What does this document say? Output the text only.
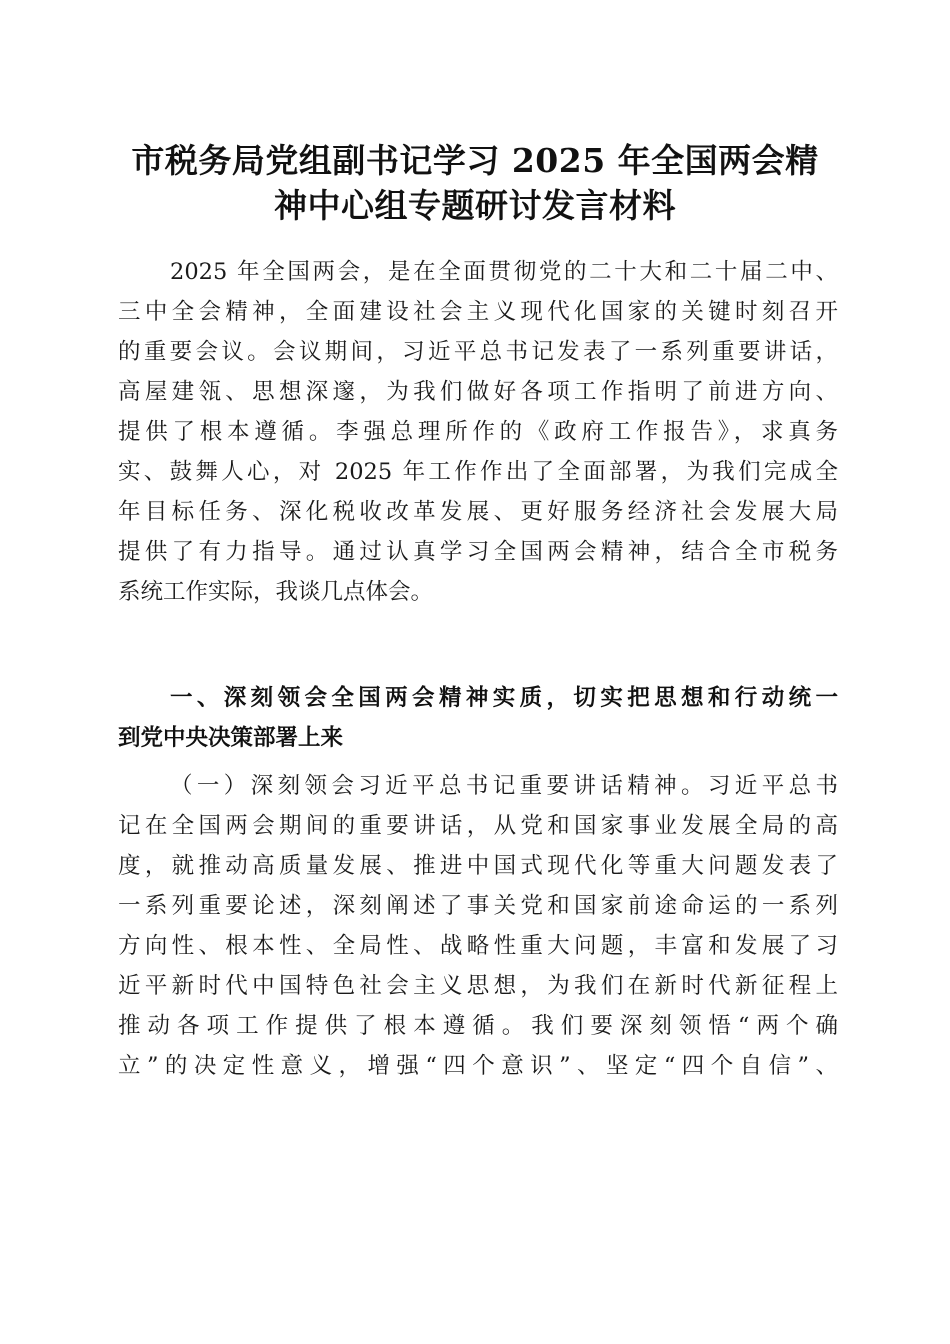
市税务局党组副书记学习 2025 年全国两会精
神中心组专题研讨发言材料
2025 年全国两会，是在全面贯彻党的二十大和二十届二中、
三中全会精神，全面建设社会主义现代化国家的关键时刻召开
的重要会议。会议期间，习近平总书记发表了一系列重要讲话，
高屋建瓴、思想深邃，为我们做好各项工作指明了前进方向、
提供了根本遵循。李强总理所作的《政府工作报告》，求真务
实、鼓舞人心，对 2025 年工作作出了全面部署，为我们完成全
年目标任务、深化税收改革发展、更好服务经济社会发展大局
提供了有力指导。通过认真学习全国两会精神，结合全市税务
系统工作实际，我谈几点体会。
一、深刻领会全国两会精神实质，切实把思想和行动统一
到党中央决策部署上来
（一）深刻领会习近平总书记重要讲话精神。习近平总书
记在全国两会期间的重要讲话，从党和国家事业发展全局的高
度，就推动高质量发展、推进中国式现代化等重大问题发表了
一系列重要论述，深刻阐述了事关党和国家前途命运的一系列
方向性、根本性、全局性、战略性重大问题，丰富和发展了习
近平新时代中国特色社会主义思想，为我们在新时代新征程上
推动各项工作提供了根本遵循。我们要深刻领悟“两个确
立”的决定性意义，增强“四个意识”、坚定“四个自信”、
